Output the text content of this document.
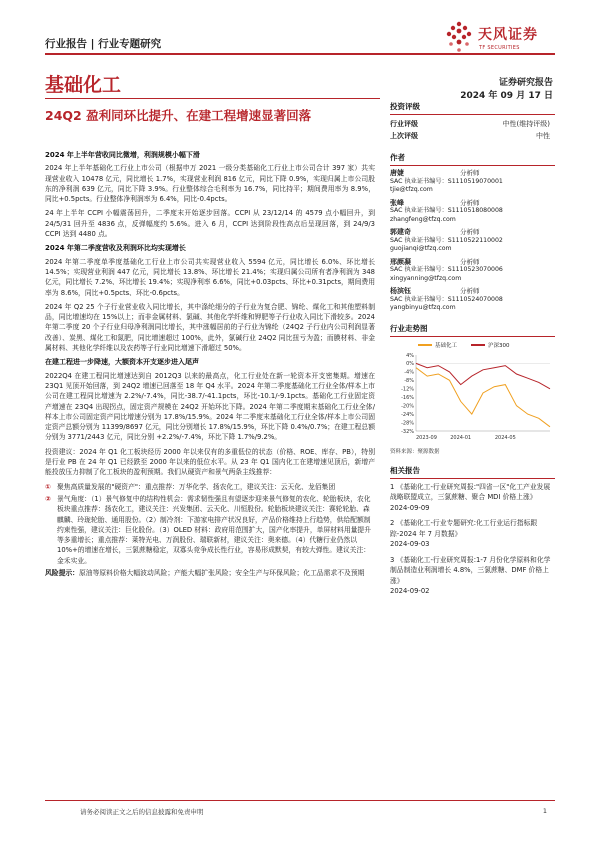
行业报告 | 行业专题研究
天风证券
TF SECURITIES
基础化工	证券研究报告
2024 年 09 月 17 日
24Q2 盈利同环比提升、在建工程增速显著回落
2024 年上半年营收同比微增，利润规模小幅下滑
2024 年上半年基础化工行业上市公司（根据申万 2021 一级分类基础化工行业上市公司合计 397 家）共实现营业收入 10478 亿元，同比增长 1.7%，实现营业利润 816 亿元，同比下降 0.9%，实现归属上市公司股东的净利润 639 亿元，同比下降 3.9%。行业整体综合毛利率为 16.7%，同比持平；期间费用率为 8.9%，同比+0.5pcts。行业整体净利润率为 6.4%，同比-0.4pcts。
24 年上半年 CCPI 小幅震荡回升，二季度末开始逐步回落。CCPI 从 23/12/14 的 4579 点小幅回升，到 24/5/31 回升至 4836 点，反弹幅度约 5.6%。进入 6 月，CCPI 达到阶段性高点后呈现回落，到 24/9/3 CCPI 达到 4480 点。
2024 年第二季度营收及利润环比均实现增长
2024 年第二季度单季度基础化工行业上市公司共实现营业收入 5594 亿元，同比增长 6.0%、环比增长 14.5%；实现营业利润 447 亿元，同比增长 13.8%、环比增长 21.4%；实现归属公司所有者净利润为 348 亿元，同比增长 7.2%、环比增长 19.4%；实现净利率 6.6%，同比+0.03pcts、环比+0.31pcts，期间费用率为 8.6%，同比+0.5pcts、环比-0.6pcts。
2024 年 Q2 25 个子行业营业收入同比增长，其中涤纶细分的子行业为复合肥、锦纶、煤化工和其他塑料制品，同比增速均在 15%以上；而非金属材料、氯碱、其他化学纤维和钾肥等子行业收入同比下滑较多。2024 年第二季度 20 个子行业归母净利润同比增长，其中涨幅居前的子行业为锦纶（24Q2 子行业内公司利润显著改善）、炭黑、煤化工和氮肥，同比增速超过 100%，此外，氯碱行业 24Q2 同比扭亏为盈；而膜材料、非金属材料、其他化学纤维以及农药等子行业同比增速下滑超过 50%。
在建工程进一步降速，大额资本开支逐步进入尾声
2022Q4 在建工程同比增速达到自 2012Q3 以来的最高点，化工行业处在新一轮资本开支密集期。增速在 23Q1 见顶开始回落，到 24Q2 增速已回落至 18 年 Q4 水平。2024 年第二季度基础化工行业全体/样本上市公司在建工程同比增速为 2.2%/-7.4%，同比-38.7/-41.1pcts，环比-10.1/-9.1pcts。基础化工行业固定资产增速在 23Q4 出现拐点，固定资产规模在 24Q2 开始环比下降。2024 年第二季度期末基础化工行业全体/样本上市公司固定资产同比增速分别为 17.8%/15.9%。2024 年二季度末基础化工行业全体/样本上市公司固定资产总额分别为 11399/8697 亿元，同比分别增长 17.8%/15.9%，环比下降 0.4%/0.7%；在建工程总额分别为 3771/2443 亿元，同比分别 +2.2%/-7.4%，环比下降 1.7%/9.2%。
投资建议：2024 年 Q1 化工板块经历 2000 年以来仅有的多重低位的状态（价格、ROE、库存、PB），特别是行业 PB 在 24 年 Q1 已经跌至 2000 年以来的低位水平。从 23 年 Q1 国内化工在建增速见顶后，新增产能投放压力抑制了化工板块的盈利预期。我们从硬资产和景气两条主线推荐：
① 聚焦高质量发展的"硬资产"：重点推荐：万华化学、扬农化工，建议关注：云天化、龙佰集团
② 景气角度：（1）景气修复中的结构性机会：需求韧性强且有望逐步迎来景气修复的农化、轮胎板块，农化板块重点推荐：扬农化工，建议关注：兴发集团、云天化、川恒股份。轮胎板块建议关注：赛轮轮胎、森麒麟、玲珑轮胎、通用股份。（2）制冷剂：下游家电排产状况良好，产品价格维持上行趋势，供给配额制约束性强，建议关注：巨化股份。（3）OLED 材料：政府用范围扩大，国产化率提升，单屏材料用量提升等多重增长；重点推荐：莱特光电、万润股份、瑞联新材，建议关注：奥来德。（4）代糖行业仍然以 10%+的增速在增长，三氯蔗糖稳定，双寡头竞争成长性行业，容易形成默契，有较大弹性。建议关注：金禾实业。
风险提示：原油等原料价格大幅波动风险；产能大幅扩张风险；安全生产与环保风险；化工品需求不及预期
投资评级
行业评级	中性(维持评级)
上次评级	中性
作者
唐婕	分析师
SAC 执业证书编号：S1110519070001
tjie@tfzq.com
张峰	分析师
SAC 执业证书编号：S1110518080008
zhangfeng@tfzq.com
郭建奇	分析师
SAC 执业证书编号：S1110522110002
guojianqi@tfzq.com
邢颜凝	分析师
SAC 执业证书编号：S1110523070006
xingyanning@tfzq.com
杨滨钰	分析师
SAC 执业证书编号：S1110524070008
yangbinyu@tfzq.com
行业走势图
基础化工	沪深300
4%
0%
-4%
-8%
-12%
-16%
-20%
-24%
-28%
-32%
2023-09	2024-01	2024-05
资料来源：聚源数据
相关报告
1 《基础化工-行业研究周报:"四省一区"化工产业发展战略联盟成立，三氯蔗糖、聚合 MDI 价格上涨》
2024-09-09
2 《基础化工-行业专题研究:化工行业运行指标跟踪-2024 年 7 月数据》
2024-09-03
3 《基础化工-行业研究周报:1-7 月份化学原料和化学制品制造业利润增长 4.8%，三氯蔗糖、DMF 价格上涨》
2024-09-02
请务必阅读正文之后的信息披露和免责申明	1
